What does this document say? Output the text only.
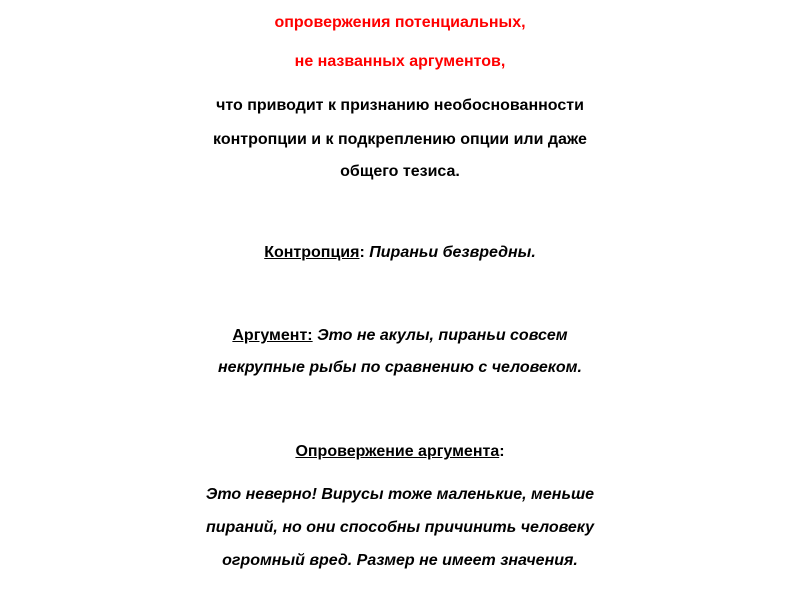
опровержения потенциальных,
не названных аргументов,
что приводит к признанию необоснованности
контропции и к подкреплению опции или даже
общего тезиса.
Контропция: Пираньи безвредны.
Аргумент: Это не акулы, пираньи совсем
некрупные рыбы по сравнению с человеком.
Опровержение аргумента:
Это неверно! Вирусы тоже маленькие, меньше
пираний, но они способны причинить человеку
огромный вред. Размер не имеет значения.
